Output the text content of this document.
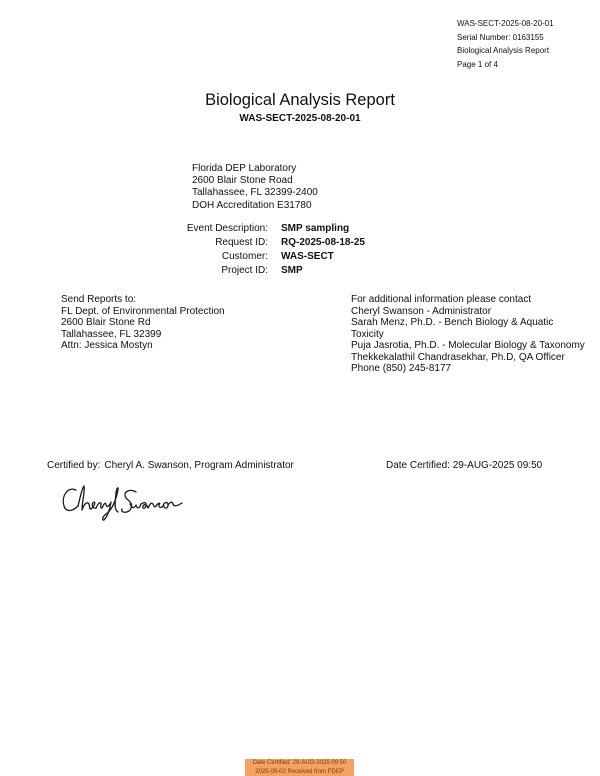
WAS-SECT-2025-08-20-01
Serial Number: 0163155
Biological Analysis Report
Page 1 of 4
Biological Analysis Report
WAS-SECT-2025-08-20-01
Florida DEP Laboratory
2600 Blair Stone Road
Tallahassee, FL 32399-2400
DOH Accreditation E31780
Event Description: SMP sampling
Request ID: RQ-2025-08-18-25
Customer: WAS-SECT
Project ID: SMP
Send Reports to:
FL Dept. of Environmental Protection
2600 Blair Stone Rd
Tallahassee, FL 32399
Attn: Jessica Mostyn
For additional information please contact
Cheryl Swanson - Administrator
Sarah Menz, Ph.D. - Bench Biology & Aquatic
Toxicity
Puja Jasrotia, Ph.D. - Molecular Biology & Taxonomy
Thekkekalathil Chandrasekhar, Ph.D, QA Officer
Phone (850) 245-8177
Certified by: Cheryl A. Swanson, Program Administrator	Date Certified: 29-AUG-2025 09:50
Date Certified: 29-AUG-2025 09:50
2025-09-02 Received from FDEP
